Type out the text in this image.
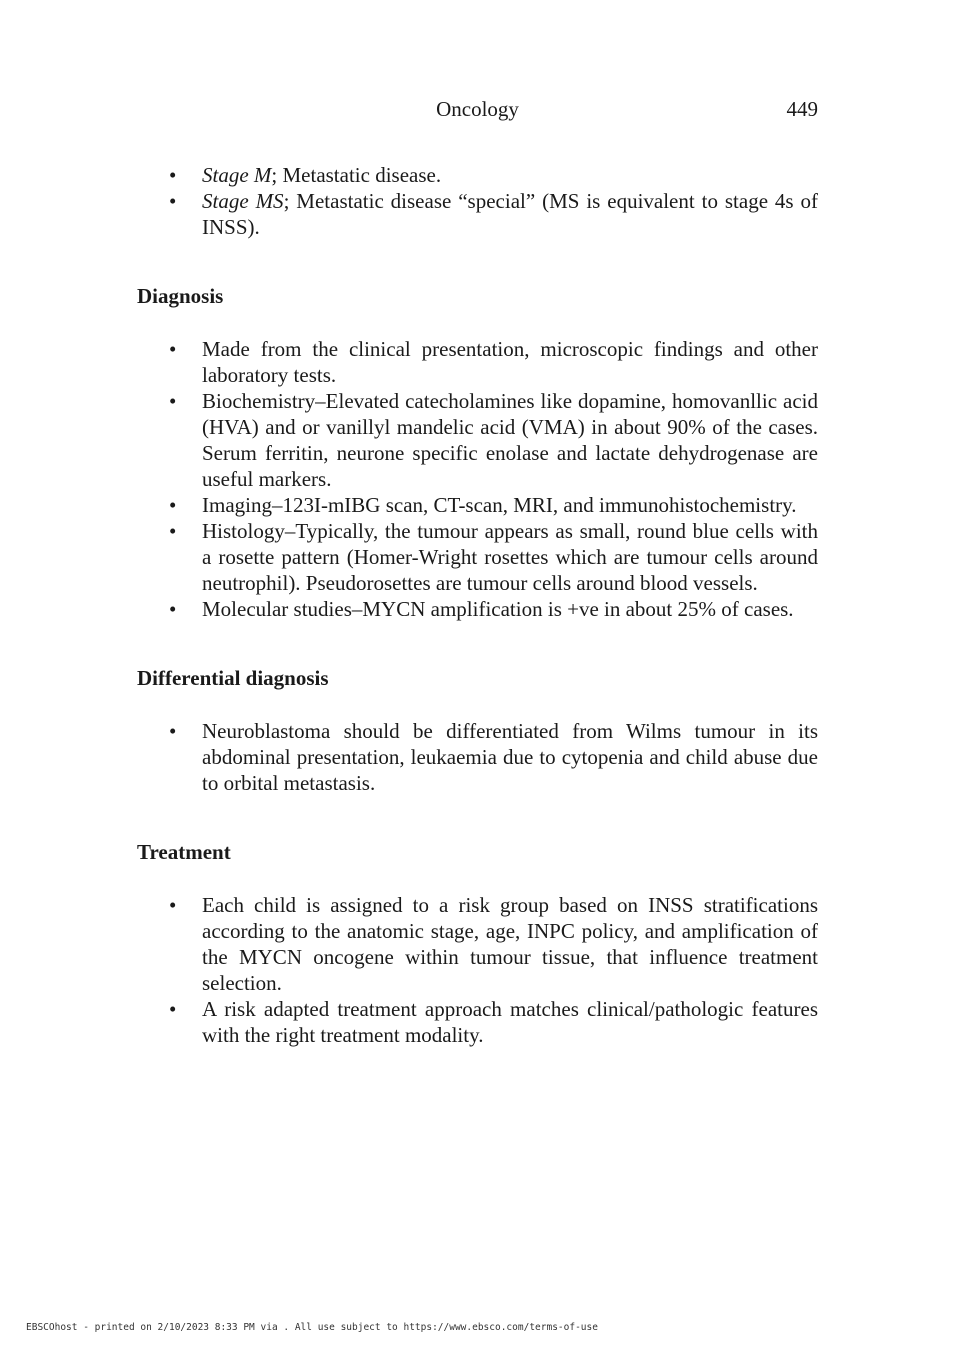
Oncology	449
• Stage M; Metastatic disease.
• Stage MS; Metastatic disease “special” (MS is equivalent to stage 4s of INSS).
Diagnosis
• Made from the clinical presentation, microscopic findings and other laboratory tests.
• Biochemistry–Elevated catecholamines like dopamine, homovanllic acid (HVA) and or vanillyl mandelic acid (VMA) in about 90% of the cases. Serum ferritin, neurone specific enolase and lactate dehydrogenase are useful markers.
• Imaging–123I-mIBG scan, CT-scan, MRI, and immunohistochemistry.
• Histology–Typically, the tumour appears as small, round blue cells with a rosette pattern (Homer-Wright rosettes which are tumour cells around neutrophil). Pseudorosettes are tumour cells around blood vessels.
• Molecular studies–MYCN amplification is +ve in about 25% of cases.
Differential diagnosis
• Neuroblastoma should be differentiated from Wilms tumour in its abdominal presentation, leukaemia due to cytopenia and child abuse due to orbital metastasis.
Treatment
• Each child is assigned to a risk group based on INSS stratifications according to the anatomic stage, age, INPC policy, and amplification of the MYCN oncogene within tumour tissue, that influence treatment selection.
• A risk adapted treatment approach matches clinical/pathologic features with the right treatment modality.
EBSCOhost - printed on 2/10/2023 8:33 PM via . All use subject to https://www.ebsco.com/terms-of-use
